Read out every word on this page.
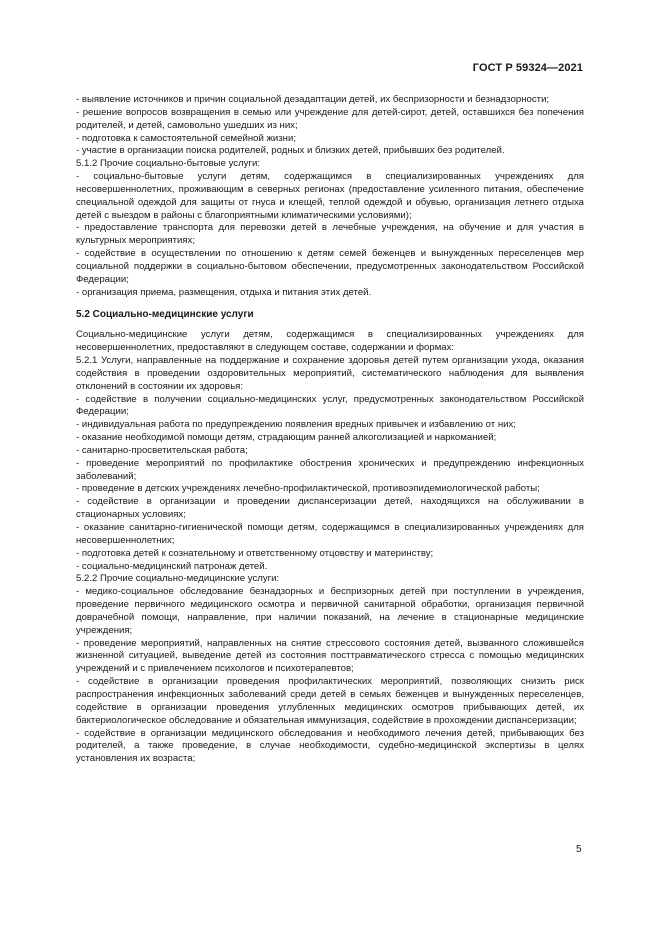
ГОСТ Р 59324—2021

- выявление источников и причин социальной дезадаптации детей, их беспризорности и безнадзорности;

- решение вопросов возвращения в семью или учреждение для детей-сирот, детей, оставшихся без попечения родителей, и детей, самовольно ушедших из них;

- подготовка к самостоятельной семейной жизни;

- участие в организации поиска родителей, родных и близких детей, прибывших без родителей.

5.1.2 Прочие социально-бытовые услуги:

- социально-бытовые услуги детям, содержащимся в специализированных учреждениях для несовершеннолетних, проживающим в северных регионах (предоставление усиленного питания, обеспечение специальной одеждой для защиты от гнуса и клещей, теплой одеждой и обувью, организация летнего отдыха детей с выездом в районы с благоприятными климатическими условиями);

- предоставление транспорта для перевозки детей в лечебные учреждения, на обучение и для участия в культурных мероприятиях;

- содействие в осуществлении по отношению к детям семей беженцев и вынужденных переселенцев мер социальной поддержки в социально-бытовом обеспечении, предусмотренных законодательством Российской Федерации;

- организация приема, размещения, отдыха и питания этих детей.

5.2 Социально-медицинские услуги

Социально-медицинские услуги детям, содержащимся в специализированных учреждениях для несовершеннолетних, предоставляют в следующем составе, содержании и формах:

5.2.1 Услуги, направленные на поддержание и сохранение здоровья детей путем организации ухода, оказания содействия в проведении оздоровительных мероприятий, систематического наблюдения для выявления отклонений в состоянии их здоровья:

- содействие в получении социально-медицинских услуг, предусмотренных законодательством Российской Федерации;

- индивидуальная работа по предупреждению появления вредных привычек и избавлению от них;

- оказание необходимой помощи детям, страдающим ранней алкоголизацией и наркоманией;

- санитарно-просветительская работа;

- проведение мероприятий по профилактике обострения хронических и предупреждению инфекционных заболеваний;

- проведение в детских учреждениях лечебно-профилактической, противоэпидемиологической работы;

- содействие в организации и проведении диспансеризации детей, находящихся на обслуживании в стационарных условиях;

- оказание санитарно-гигиенической помощи детям, содержащимся в специализированных учреждениях для несовершеннолетних;

- подготовка детей к сознательному и ответственному отцовству и материнству;

- социально-медицинский патронаж детей.

5.2.2 Прочие социально-медицинские услуги:

- медико-социальное обследование безнадзорных и беспризорных детей при поступлении в учреждения, проведение первичного медицинского осмотра и первичной санитарной обработки, организация первичной доврачебной помощи, направление, при наличии показаний, на лечение в стационарные медицинские учреждения;

- проведение мероприятий, направленных на снятие стрессового состояния детей, вызванного сложившейся жизненной ситуацией, выведение детей из состояния посттравматического стресса с помощью медицинских учреждений и с привлечением психологов и психотерапевтов;

- содействие в организации проведения профилактических мероприятий, позволяющих снизить риск распространения инфекционных заболеваний среди детей в семьях беженцев и вынужденных переселенцев, содействие в организации проведения углубленных медицинских осмотров прибывающих детей, их бактериологическое обследование и обязательная иммунизация, содействие в прохождении диспансеризации;

- содействие в организации медицинского обследования и необходимого лечения детей, прибывающих без родителей, а также проведение, в случае необходимости, судебно-медицинской экспертизы в целях установления их возраста;

5
